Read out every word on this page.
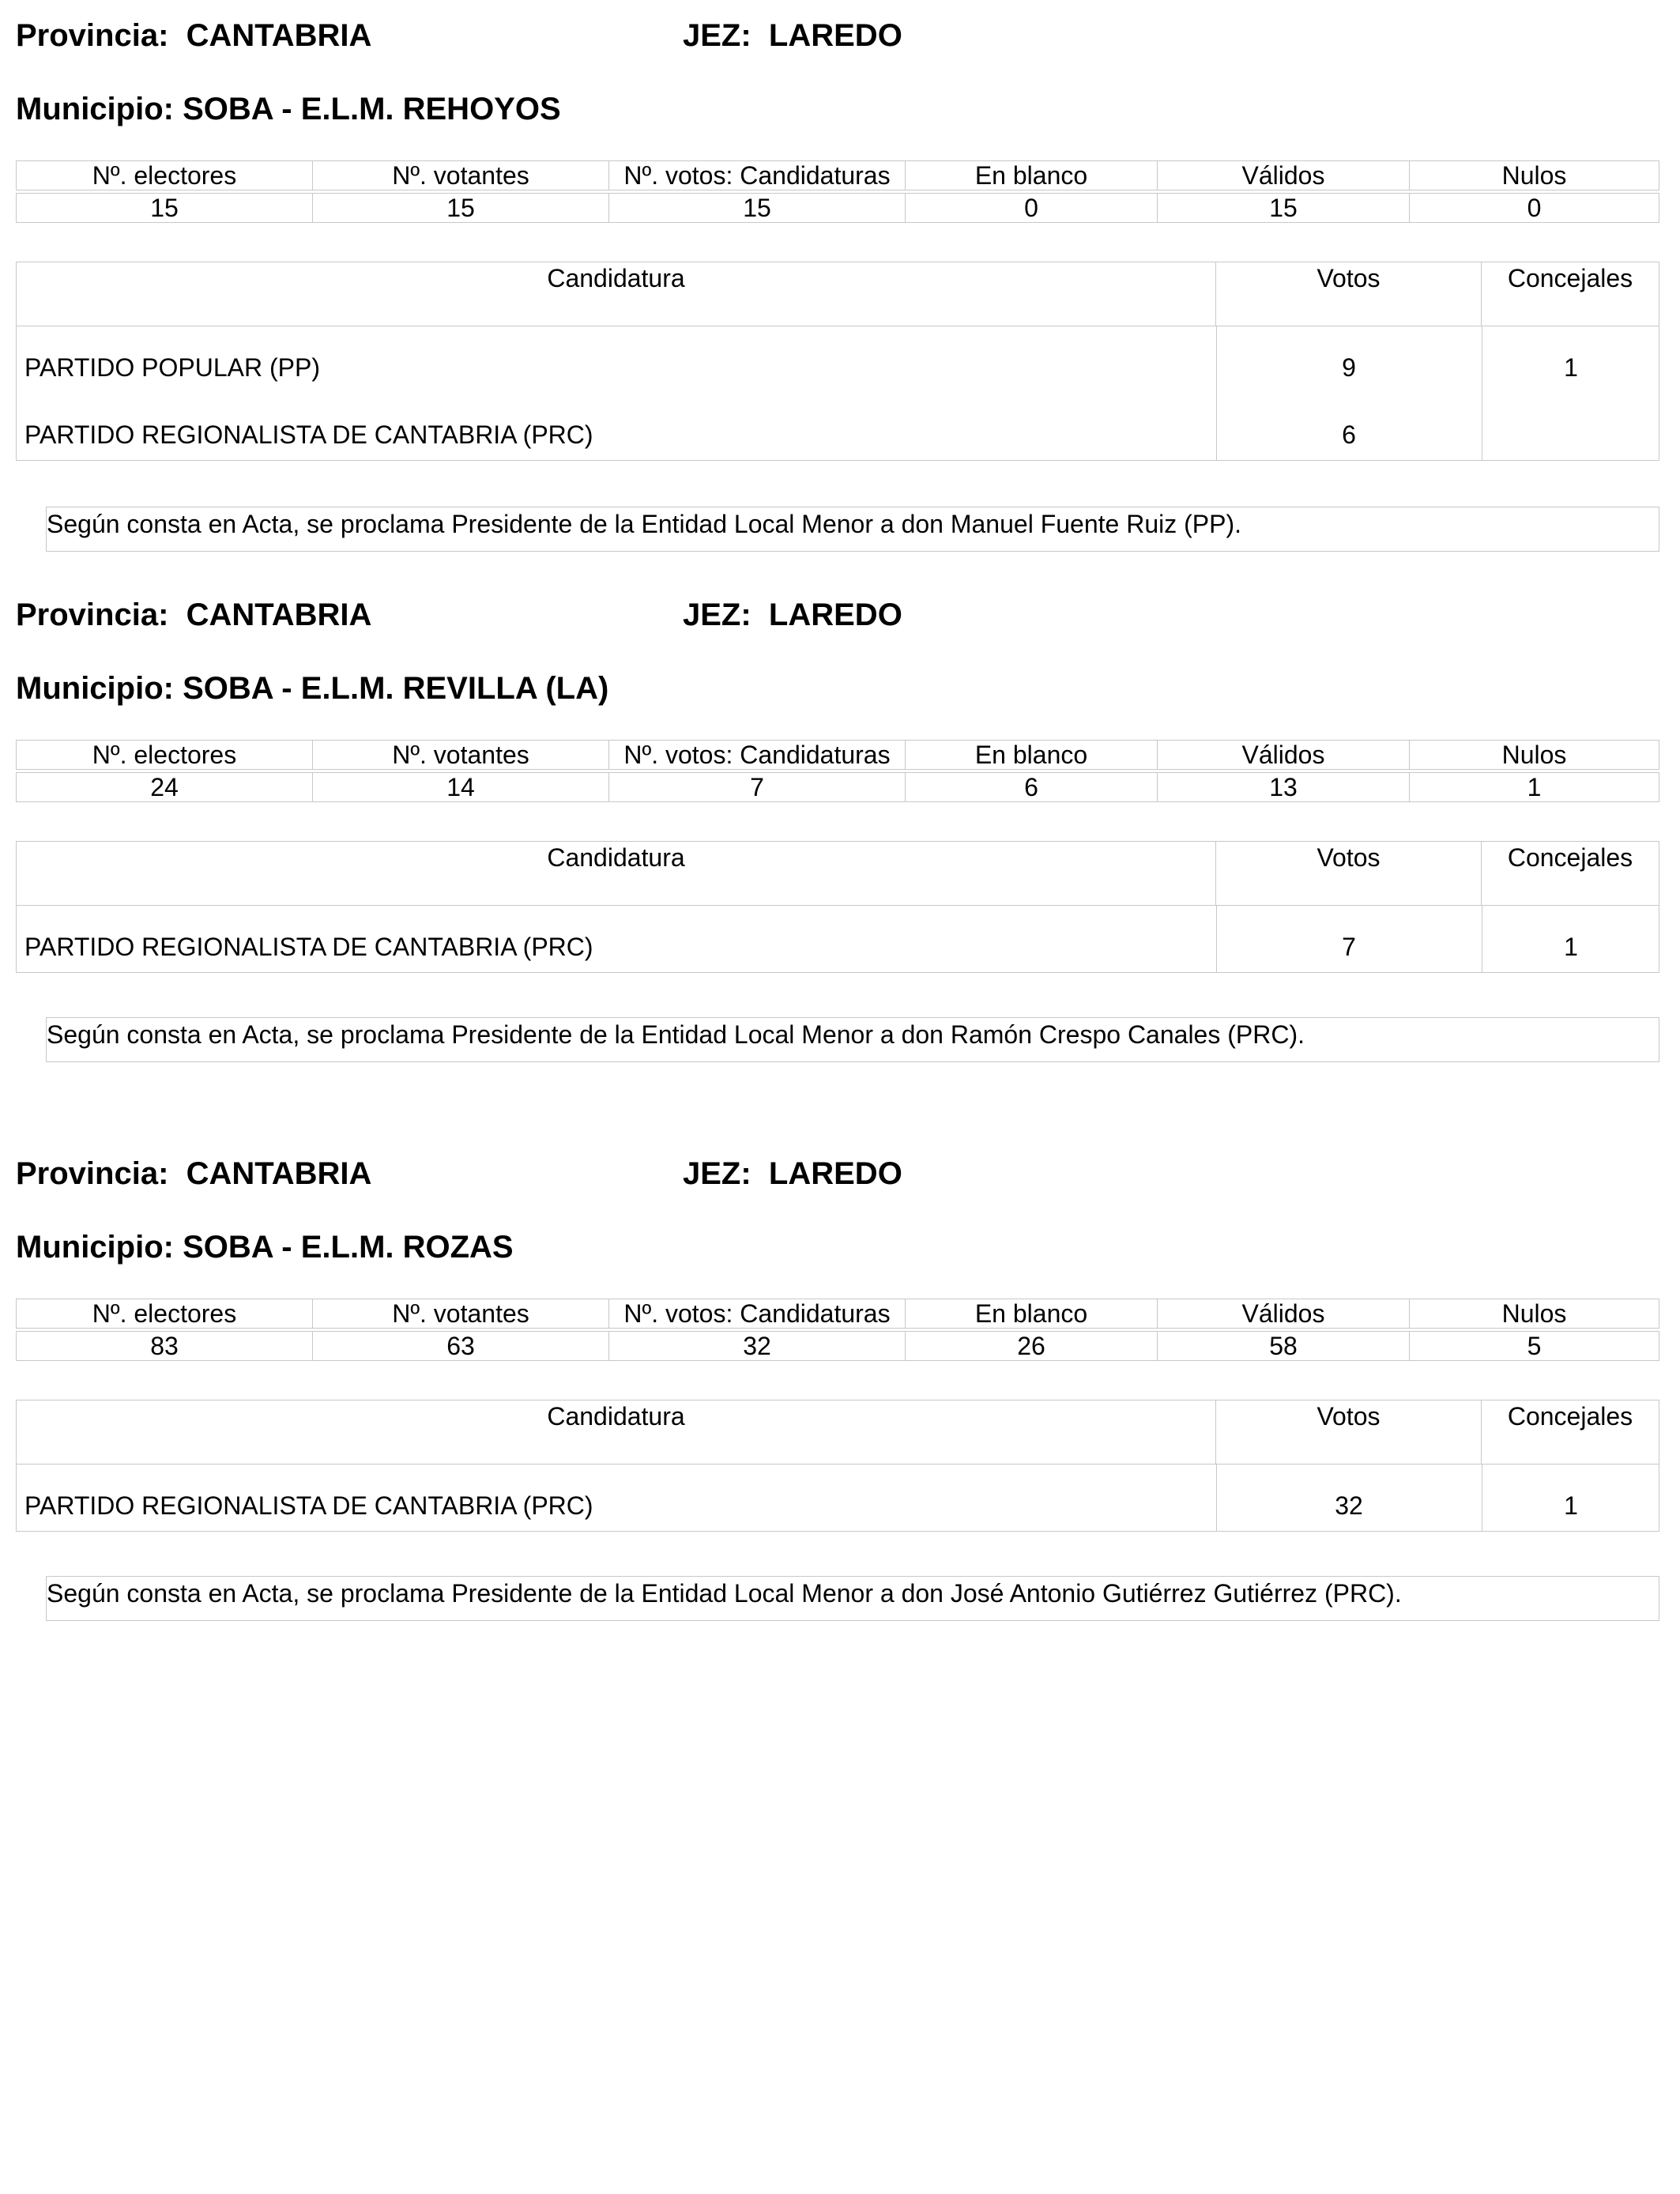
Provincia: CANTABRIA	JEZ: LAREDO
Municipio: SOBA - E.L.M. REHOYOS
Nº. electores	Nº. votantes	Nº. votos: Candidaturas	En blanco	Válidos	Nulos
15	15	15	0	15	0
Candidatura	Votos	Concejales
PARTIDO POPULAR (PP)	9	1
PARTIDO REGIONALISTA DE CANTABRIA (PRC)	6
Según consta en Acta, se proclama Presidente de la Entidad Local Menor a don Manuel Fuente Ruiz (PP).
Provincia: CANTABRIA	JEZ: LAREDO
Municipio: SOBA - E.L.M. REVILLA (LA)
Nº. electores	Nº. votantes	Nº. votos: Candidaturas	En blanco	Válidos	Nulos
24	14	7	6	13	1
Candidatura	Votos	Concejales
PARTIDO REGIONALISTA DE CANTABRIA (PRC)	7	1
Según consta en Acta, se proclama Presidente de la Entidad Local Menor a don Ramón Crespo Canales (PRC).
Provincia: CANTABRIA	JEZ: LAREDO
Municipio: SOBA - E.L.M. ROZAS
Nº. electores	Nº. votantes	Nº. votos: Candidaturas	En blanco	Válidos	Nulos
83	63	32	26	58	5
Candidatura	Votos	Concejales
PARTIDO REGIONALISTA DE CANTABRIA (PRC)	32	1
Según consta en Acta, se proclama Presidente de la Entidad Local Menor a don José Antonio Gutiérrez Gutiérrez (PRC).
